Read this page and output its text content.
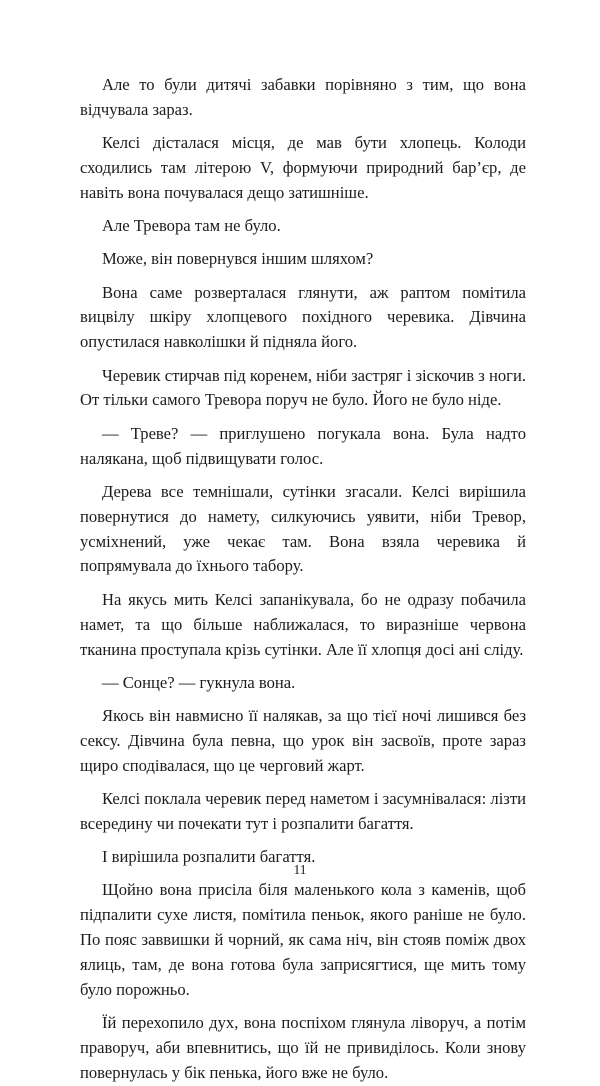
Але то були дитячі забавки порівняно з тим, що вона відчувала зараз.

Келсі дісталася місця, де мав бути хлопець. Колоди сходились там літерою V, формуючи природний бар’єр, де навіть вона почувалася дещо затишніше.

Але Тревора там не було.

Може, він повернувся іншим шляхом?

Вона саме розверталася глянути, аж раптом помітила вицвілу шкіру хлопцевого похідного черевика. Дівчина опустилася навколішки й підняла його.

Черевик стирчав під коренем, ніби застряг і зіскочив з ноги. От тільки самого Тревора поруч не було. Його не було ніде.

— Треве? — приглушено погукала вона. Була надто налякана, щоб підвищувати голос.

Дерева все темнішали, сутінки згасали. Келсі вирішила повернутися до намету, силкуючись уявити, ніби Тревор, усміхнений, уже чекає там. Вона взяла черевика й попрямувала до їхнього табору.

На якусь мить Келсі запанікувала, бо не одразу побачила намет, та що більше наближалася, то виразніше червона тканина проступала крізь сутінки. Але її хлопця досі ані сліду.

— Сонце? — гукнула вона.

Якось він навмисно її налякав, за що тієї ночі лишився без сексу. Дівчина була певна, що урок він засвоїв, проте зараз щиро сподівалася, що це черговий жарт.

Келсі поклала черевик перед наметом і засумнівалася: лізти всередину чи почекати тут і розпалити багаття.

І вирішила розпалити багаття.

Щойно вона присіла біля маленького кола з каменів, щоб підпалити сухе листя, помітила пеньок, якого раніше не було. По пояс заввишки й чорний, як сама ніч, він стояв поміж двох ялиць, там, де вона готова була заприсягтися, ще мить тому було порожньо.

Їй перехопило дух, вона поспіхом глянула ліворуч, а потім праворуч, аби впевнитись, що їй не привиділось. Коли знову повернулась у бік пенька, його вже не було.

11
